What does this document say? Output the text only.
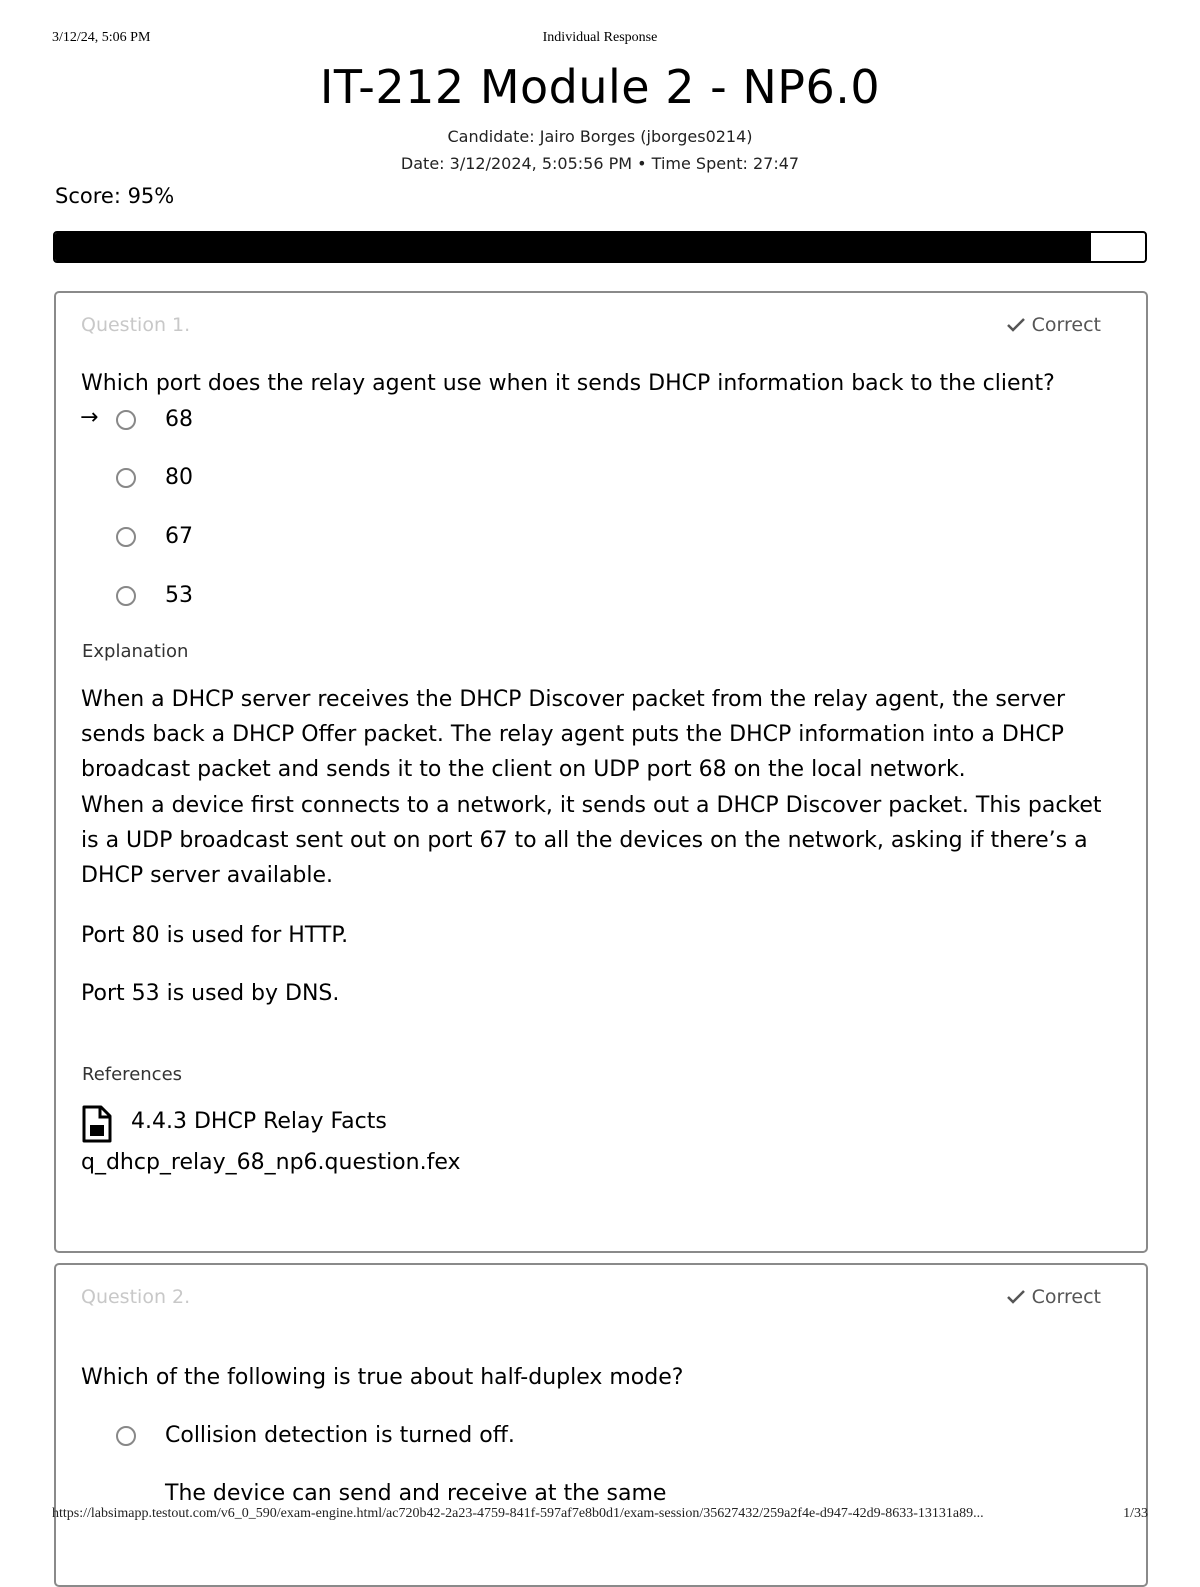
3/12/24, 5:06 PM	Individual Response
IT-212 Module 2 - NP6.0
Candidate: Jairo Borges (jborges0214)
Date: 3/12/2024, 5:05:56 PM • Time Spent: 27:47
Score: 95%
Question 1.	Correct
Which port does the relay agent use when it sends DHCP information back to the client?
→	68
80
67
53
Explanation

When a DHCP server receives the DHCP Discover packet from the relay agent, the server sends back a DHCP Offer packet. The relay agent puts the DHCP information into a DHCP broadcast packet and sends it to the client on UDP port 68 on the local network.

When a device first connects to a network, it sends out a DHCP Discover packet. This packet is a UDP broadcast sent out on port 67 to all the devices on the network, asking if there’s a DHCP server available.

Port 80 is used for HTTP.

Port 53 is used by DNS.

References
4.4.3 DHCP Relay Facts
q_dhcp_relay_68_np6.question.fex
Question 2.	Correct
Which of the following is true about half-duplex mode?
Collision detection is turned off.
The device can send and receive at the same
https://labsimapp.testout.com/v6_0_590/exam-engine.html/ac720b42-2a23-4759-841f-597af7e8b0d1/exam-session/35627432/259a2f4e-d947-42d9-8633-13131a89...	1/33
